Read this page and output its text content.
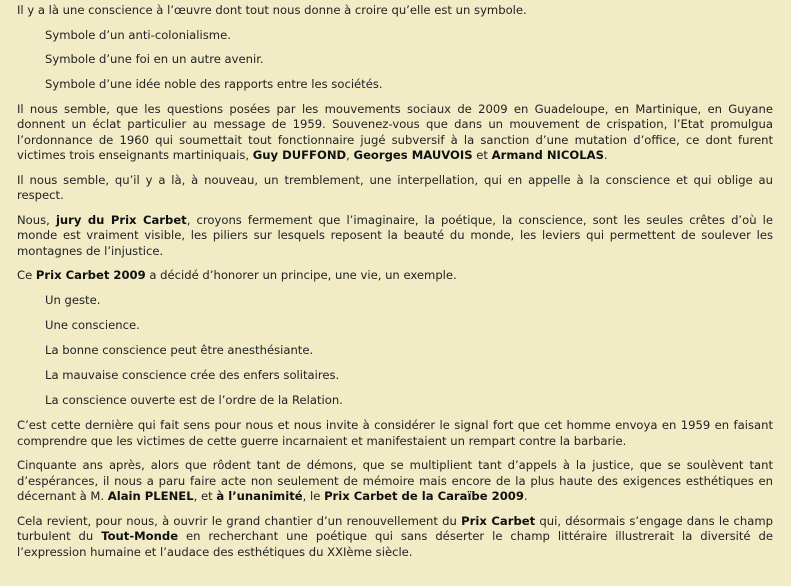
Il y a là une conscience à l’œuvre dont tout nous donne à croire qu’elle est un symbole.

Symbole d’un anti-colonialisme.

Symbole d’une foi en un autre avenir.

Symbole d’une idée noble des rapports entre les sociétés.

Il nous semble, que les questions posées par les mouvements sociaux de 2009 en Guadeloupe, en Martinique, en Guyane donnent un éclat particulier au message de 1959. Souvenez-vous que dans un mouvement de crispation, l’Etat promulgua l’ordonnance de 1960 qui soumettait tout fonctionnaire jugé subversif à la sanction d’une mutation d’office, ce dont furent victimes trois enseignants martiniquais, Guy DUFFOND, Georges MAUVOIS et Armand NICOLAS.

Il nous semble, qu’il y a là, à nouveau, un tremblement, une interpellation, qui en appelle à la conscience et qui oblige au respect.

Nous, jury du Prix Carbet, croyons fermement que l’imaginaire, la poétique, la conscience, sont les seules crêtes d’où le monde est vraiment visible, les piliers sur lesquels reposent la beauté du monde, les leviers qui permettent de soulever les montagnes de l’injustice.

Ce Prix Carbet 2009 a décidé d’honorer un principe, une vie, un exemple.

Un geste.

Une conscience.

La bonne conscience peut être anesthésiante.

La mauvaise conscience crée des enfers solitaires.

La conscience ouverte est de l’ordre de la Relation.

C’est cette dernière qui fait sens pour nous et nous invite à considérer le signal fort que cet homme envoya en 1959 en faisant comprendre que les victimes de cette guerre incarnaient et manifestaient un rempart contre la barbarie.

Cinquante ans après, alors que rôdent tant de démons, que se multiplient tant d’appels à la justice, que se soulèvent tant d’espérances, il nous a paru faire acte non seulement de mémoire mais encore de la plus haute des exigences esthétiques en décernant à M. Alain PLENEL, et à l’unanimité, le Prix Carbet de la Caraïbe 2009.

Cela revient, pour nous, à ouvrir le grand chantier d’un renouvellement du Prix Carbet qui, désormais s’engage dans le champ turbulent du Tout-Monde en recherchant une poétique qui sans déserter le champ littéraire illustrerait la diversité de l’expression humaine et l’audace des esthétiques du XXIème siècle.
